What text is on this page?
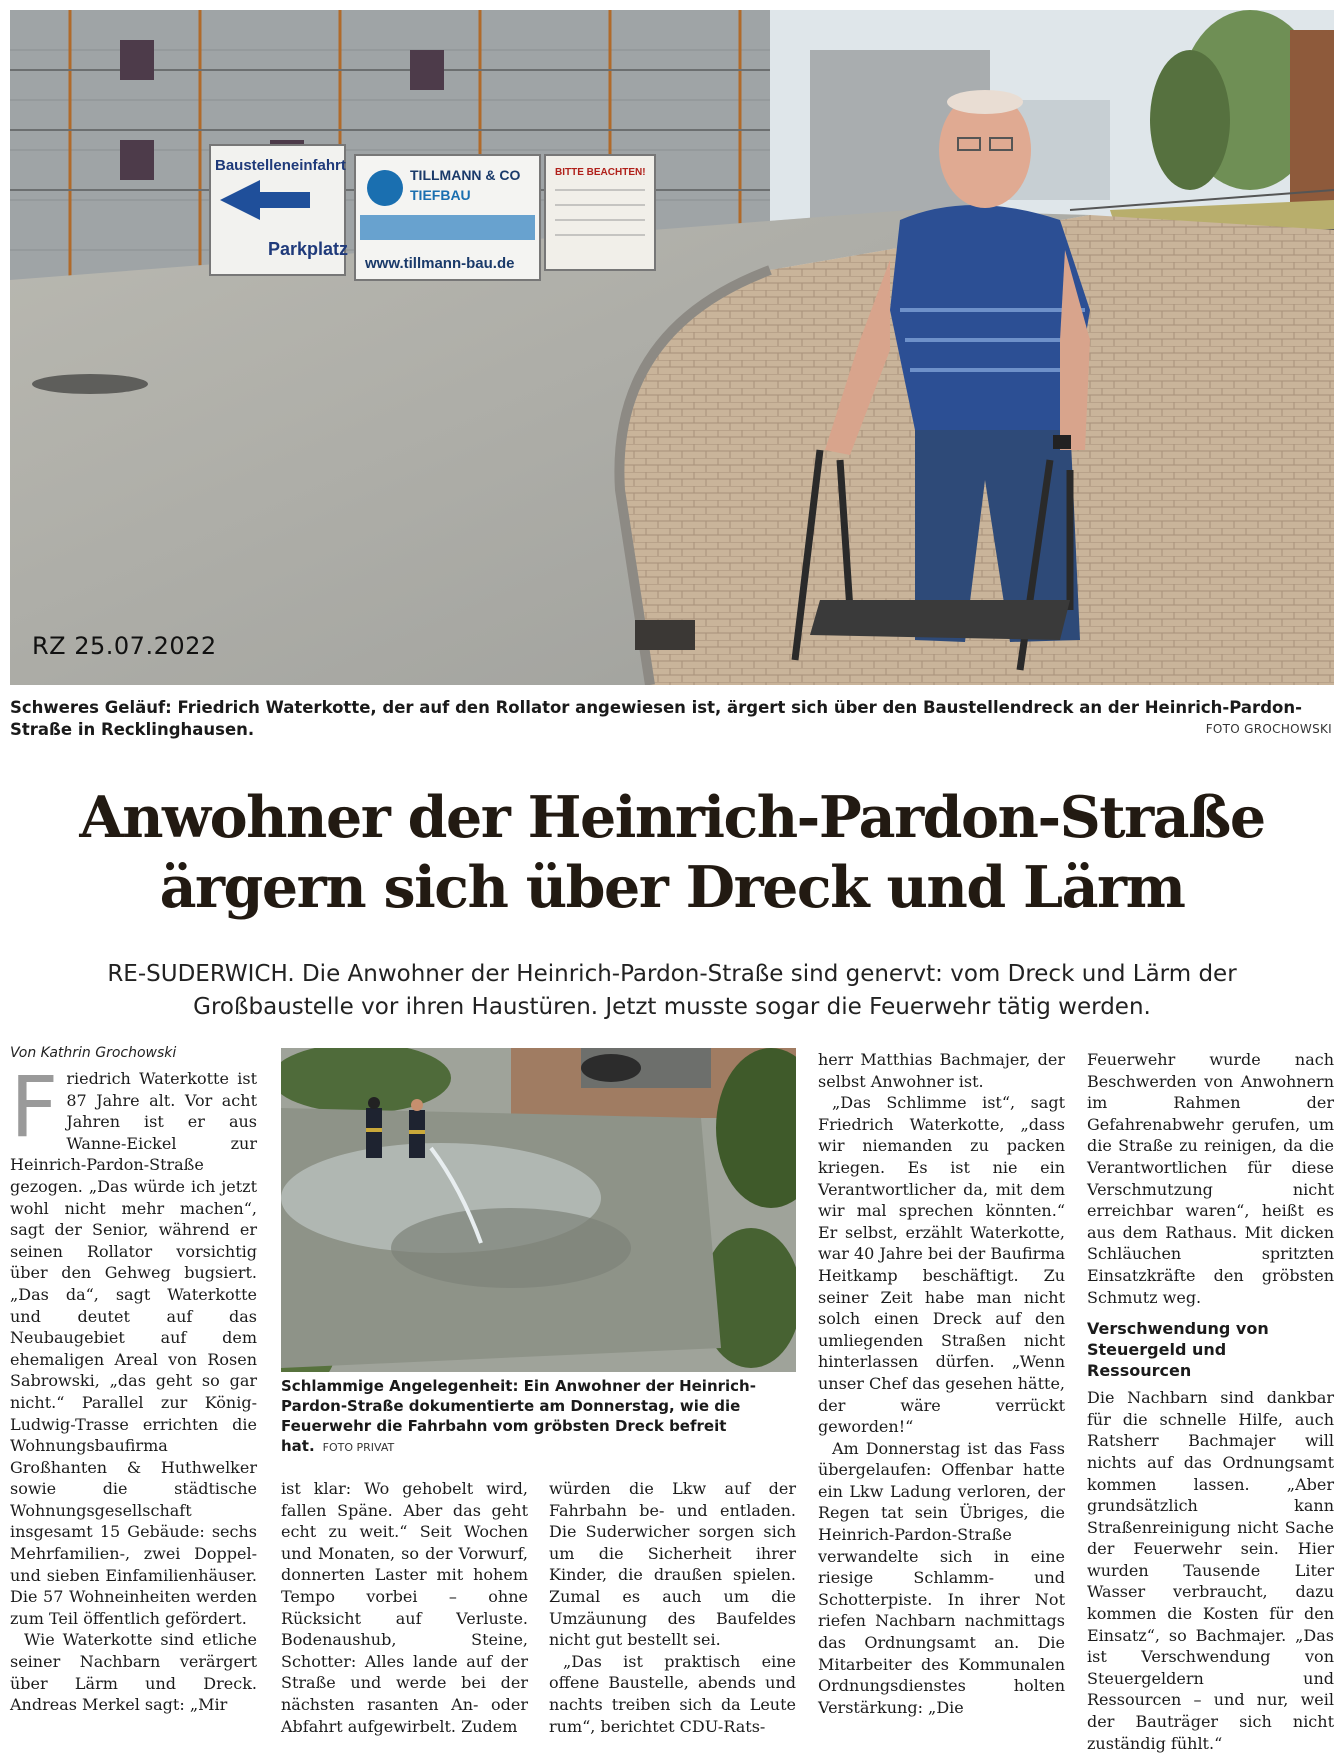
Baustelleneinfahrt
Parkplatz
TILLMANN & CO
TIEFBAU
www.tillmann-bau.de
BITTE BEACHTEN!
RZ 25.07.2022
Schweres Geläuf: Friedrich Waterkotte, der auf den Rollator angewiesen ist, ärgert sich über den Baustellendreck an der Heinrich-Pardon-Straße in Recklinghausen.	FOTO GROCHOWSKI
Anwohner der Heinrich-Pardon-Straße
ärgern sich über Dreck und Lärm
RE-SUDERWICH. Die Anwohner der Heinrich-Pardon-Straße sind genervt: vom Dreck und Lärm der Großbaustelle vor ihren Haustüren. Jetzt musste sogar die Feuerwehr tätig werden.
Von Kathrin Grochowski

Friedrich Waterkotte ist 87 Jahre alt. Vor acht Jahren ist er aus Wanne-Eickel zur Heinrich-Pardon-Straße gezogen. „Das würde ich jetzt wohl nicht mehr machen“, sagt der Senior, während er seinen Rollator vorsichtig über den Gehweg bugsiert. „Das da“, sagt Waterkotte und deutet auf das Neubaugebiet auf dem ehemaligen Areal von Rosen Sabrowski, „das geht so gar nicht.“ Parallel zur König-Ludwig-Trasse errichten die Wohnungsbaufirma Großhanten & Huthwelker sowie die städtische Wohnungsgesellschaft insgesamt 15 Gebäude: sechs Mehrfamilien-, zwei Doppel- und sieben Einfamilienhäuser. Die 57 Wohneinheiten werden zum Teil öffentlich gefördert.

Wie Waterkotte sind etliche seiner Nachbarn verärgert über Lärm und Dreck. Andreas Merkel sagt: „Mir

Schlammige Angelegenheit: Ein Anwohner der Heinrich-Pardon-Straße dokumentierte am Donnerstag, wie die Feuerwehr die Fahrbahn vom gröbsten Dreck befreit hat. FOTO PRIVAT

ist klar: Wo gehobelt wird, fallen Späne. Aber das geht echt zu weit.“ Seit Wochen und Monaten, so der Vorwurf, donnerten Laster mit hohem Tempo vorbei – ohne Rücksicht auf Verluste. Bodenaushub, Steine, Schotter: Alles lande auf der Straße und werde bei der nächsten rasanten An- oder Abfahrt aufgewirbelt. Zudem

würden die Lkw auf der Fahrbahn be- und entladen. Die Suderwicher sorgen sich um die Sicherheit ihrer Kinder, die draußen spielen. Zumal es auch um die Umzäunung des Baufeldes nicht gut bestellt sei.

„Das ist praktisch eine offene Baustelle, abends und nachts treiben sich da Leute rum“, berichtet CDU-Rats-

herr Matthias Bachmajer, der selbst Anwohner ist.

„Das Schlimme ist“, sagt Friedrich Waterkotte, „dass wir niemanden zu packen kriegen. Es ist nie ein Verantwortlicher da, mit dem wir mal sprechen könnten.“ Er selbst, erzählt Waterkotte, war 40 Jahre bei der Baufirma Heitkamp beschäftigt. Zu seiner Zeit habe man nicht solch einen Dreck auf den umliegenden Straßen nicht hinterlassen dürfen. „Wenn unser Chef das gesehen hätte, der wäre verrückt geworden!“

Am Donnerstag ist das Fass übergelaufen: Offenbar hatte ein Lkw Ladung verloren, der Regen tat sein Übriges, die Heinrich-Pardon-Straße verwandelte sich in eine riesige Schlamm- und Schotterpiste. In ihrer Not riefen Nachbarn nachmittags das Ordnungsamt an. Die Mitarbeiter des Kommunalen Ordnungsdienstes holten Verstärkung: „Die

Feuerwehr wurde nach Beschwerden von Anwohnern im Rahmen der Gefahrenabwehr gerufen, um die Straße zu reinigen, da die Verantwortlichen für diese Verschmutzung nicht erreichbar waren“, heißt es aus dem Rathaus. Mit dicken Schläuchen spritzten Einsatzkräfte den gröbsten Schmutz weg.

Verschwendung von Steuergeld und Ressourcen

Die Nachbarn sind dankbar für die schnelle Hilfe, auch Ratsherr Bachmajer will nichts auf das Ordnungsamt kommen lassen. „Aber grundsätzlich kann Straßenreinigung nicht Sache der Feuerwehr sein. Hier wurden Tausende Liter Wasser verbraucht, dazu kommen die Kosten für den Einsatz“, so Bachmajer. „Das ist Verschwendung von Steuergeldern und Ressourcen – und nur, weil der Bauträger sich nicht zuständig fühlt.“
